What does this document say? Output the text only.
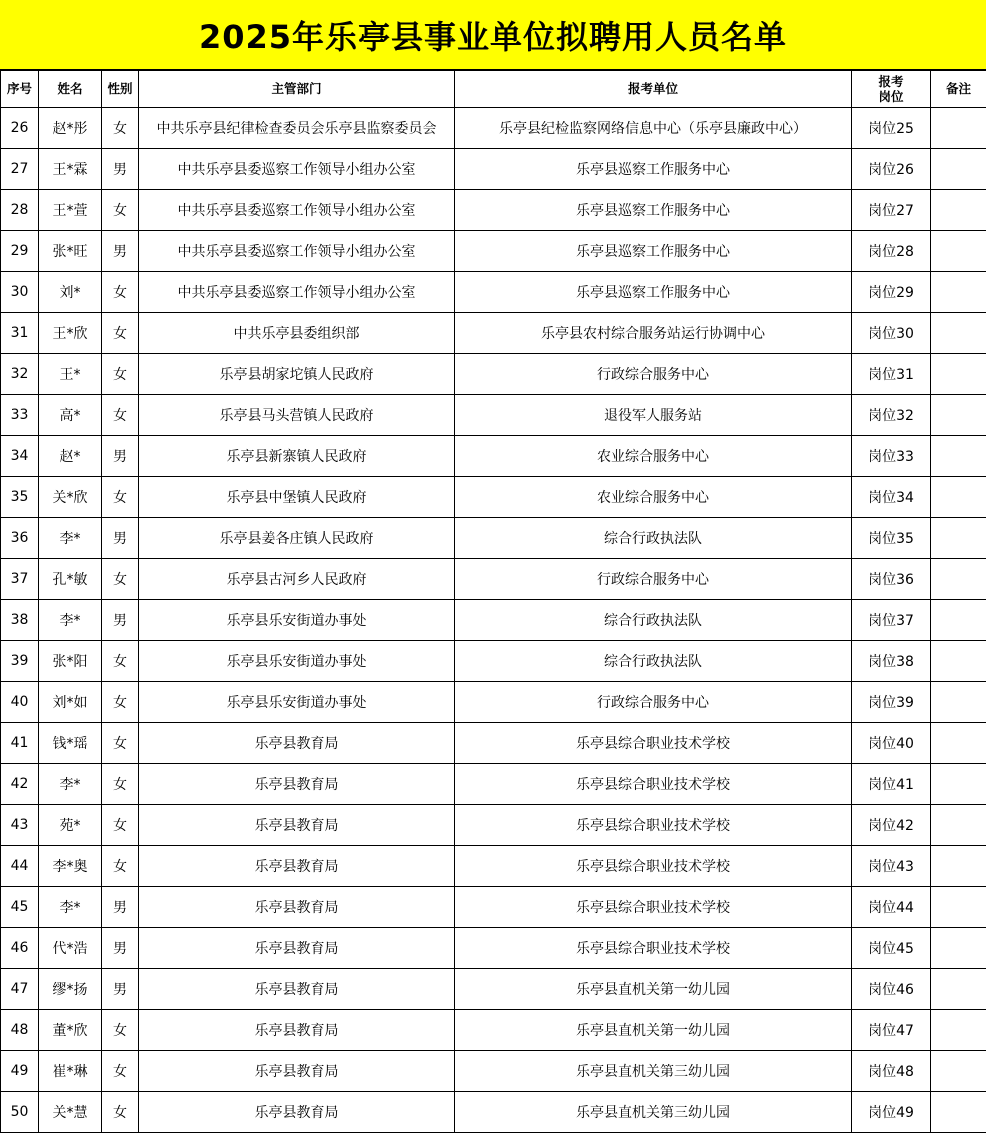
2025年乐亭县事业单位拟聘用人员名单
序号	姓名	性别	主管部门	报考单位	报考岗位	备注
26	赵*彤	女	中共乐亭县纪律检查委员会乐亭县监察委员会	乐亭县纪检监察网络信息中心（乐亭县廉政中心）	岗位25	
27	王*霖	男	中共乐亭县委巡察工作领导小组办公室	乐亭县巡察工作服务中心	岗位26	
28	王*萱	女	中共乐亭县委巡察工作领导小组办公室	乐亭县巡察工作服务中心	岗位27	
29	张*旺	男	中共乐亭县委巡察工作领导小组办公室	乐亭县巡察工作服务中心	岗位28	
30	刘*	女	中共乐亭县委巡察工作领导小组办公室	乐亭县巡察工作服务中心	岗位29	
31	王*欣	女	中共乐亭县委组织部	乐亭县农村综合服务站运行协调中心	岗位30	
32	王*	女	乐亭县胡家坨镇人民政府	行政综合服务中心	岗位31	
33	高*	女	乐亭县马头营镇人民政府	退役军人服务站	岗位32	
34	赵*	男	乐亭县新寨镇人民政府	农业综合服务中心	岗位33	
35	关*欣	女	乐亭县中堡镇人民政府	农业综合服务中心	岗位34	
36	李*	男	乐亭县姜各庄镇人民政府	综合行政执法队	岗位35	
37	孔*敏	女	乐亭县古河乡人民政府	行政综合服务中心	岗位36	
38	李*	男	乐亭县乐安街道办事处	综合行政执法队	岗位37	
39	张*阳	女	乐亭县乐安街道办事处	综合行政执法队	岗位38	
40	刘*如	女	乐亭县乐安街道办事处	行政综合服务中心	岗位39	
41	钱*瑶	女	乐亭县教育局	乐亭县综合职业技术学校	岗位40	
42	李*	女	乐亭县教育局	乐亭县综合职业技术学校	岗位41	
43	苑*	女	乐亭县教育局	乐亭县综合职业技术学校	岗位42	
44	李*奥	女	乐亭县教育局	乐亭县综合职业技术学校	岗位43	
45	李*	男	乐亭县教育局	乐亭县综合职业技术学校	岗位44	
46	代*浩	男	乐亭县教育局	乐亭县综合职业技术学校	岗位45	
47	缪*扬	男	乐亭县教育局	乐亭县直机关第一幼儿园	岗位46	
48	董*欣	女	乐亭县教育局	乐亭县直机关第一幼儿园	岗位47	
49	崔*琳	女	乐亭县教育局	乐亭县直机关第三幼儿园	岗位48	
50	关*慧	女	乐亭县教育局	乐亭县直机关第三幼儿园	岗位49	
